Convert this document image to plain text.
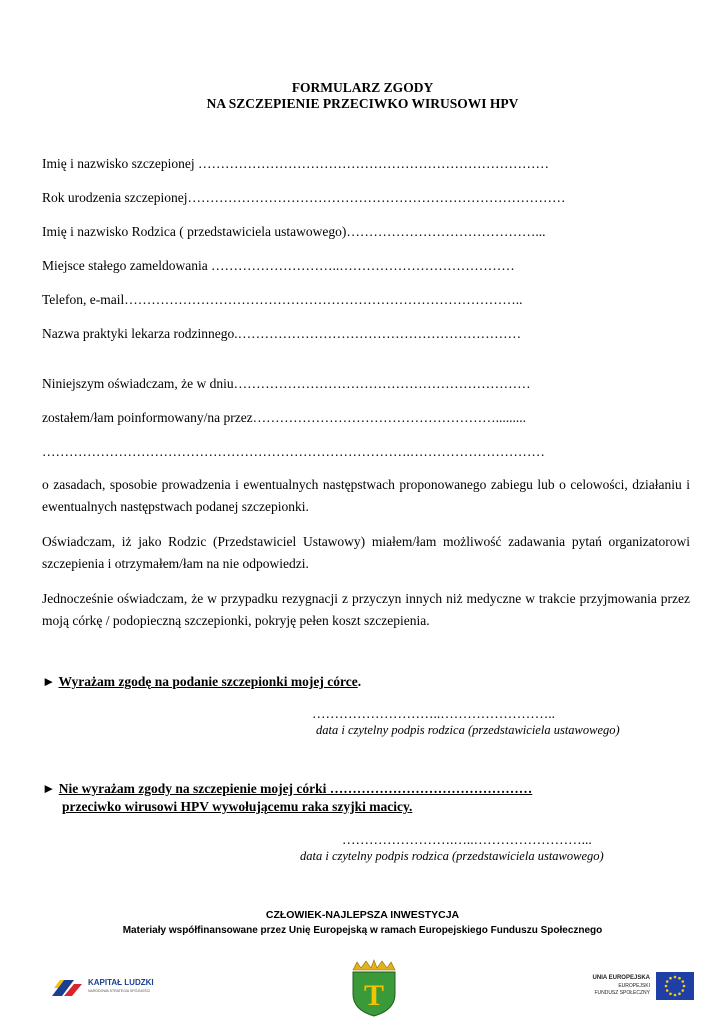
FORMULARZ ZGODY
NA SZCZEPIENIE PRZECIWKO WIRUSOWI HPV
Imię i nazwisko szczepionej ……………………………………………………………………
Rok urodzenia szczepionej…………………………………………………………………………
Imię i nazwisko Rodzica ( przedstawiciela ustawowego)……………………………………...
Miejsce stałego zameldowania ………………………..…………………………………
Telefon, e-mail……………………………………………………………………………..
Nazwa praktyki lekarza rodzinnego.………………………………………………………
Niniejszym oświadczam, że w dniu…………………………………………………………
zostałem/łam poinformowany/na przez……………………………………………….........
……………………………………………………………………….…………………………
o zasadach, sposobie prowadzenia i ewentualnych następstwach proponowanego zabiegu lub o celowości, działaniu i ewentualnych następstwach podanej szczepionki.
Oświadczam, iż jako Rodzic (Przedstawiciel Ustawowy) miałem/łam możliwość zadawania pytań organizatorowi szczepienia i otrzymałem/łam na nie odpowiedzi.
Jednocześnie oświadczam, że w przypadku rezygnacji z przyczyn innych niż medyczne w trakcie przyjmowania przez moją córkę / podopieczną szczepionki, pokryję pełen koszt szczepienia.
► Wyrażam zgodę na podanie szczepionki mojej córce.
………………………..……………………..
data i czytelny podpis rodzica (przedstawiciela ustawowego)
► Nie wyrażam zgody na szczepienie mojej córki ………………………………………
przeciwko wirusowi HPV wywołującemu raka szyjki macicy.
…………………….…..……………………...
data i czytelny podpis rodzica (przedstawiciela ustawowego)
CZŁOWIEK-NAJLEPSZA INWESTYCJA
Materiały współfinansowane przez Unię Europejską w ramach Europejskiego Funduszu Społecznego
KAPITAŁ LUDZKI
NARODOWA STRATEGIA SPÓJNOŚCI	T
UNIA EUROPEJSKA
EUROPEJSKI
FUNDUSZ SPOŁECZNY
